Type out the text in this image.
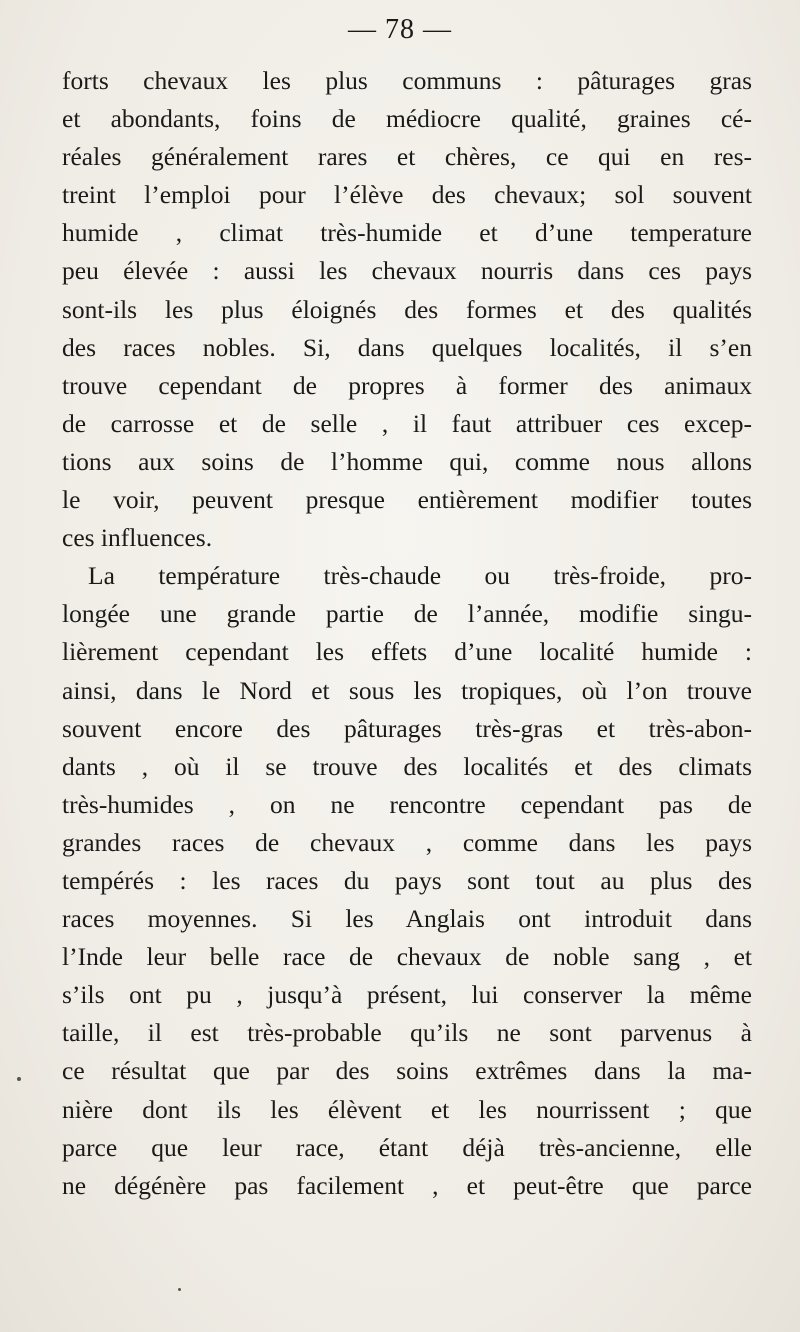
— 78 —
forts chevaux les plus communs : pâturages gras
et abondants, foins de médiocre qualité, graines cé-
réales généralement rares et chères, ce qui en res-
treint l’emploi pour l’élève des chevaux; sol souvent
humide , climat très-humide et d’une temperature
peu élevée : aussi les chevaux nourris dans ces pays
sont-ils les plus éloignés des formes et des qualités
des races nobles. Si, dans quelques localités, il s’en
trouve cependant de propres à former des animaux
de carrosse et de selle , il faut attribuer ces excep-
tions aux soins de l’homme qui, comme nous allons
le voir, peuvent presque entièrement modifier toutes
ces influences.
La température très-chaude ou très-froide, pro-
longée une grande partie de l’année, modifie singu-
lièrement cependant les effets d’une localité humide :
ainsi, dans le Nord et sous les tropiques, où l’on trouve
souvent encore des pâturages très-gras et très-abon-
dants , où il se trouve des localités et des climats
très-humides , on ne rencontre cependant pas de
grandes races de chevaux , comme dans les pays
tempérés : les races du pays sont tout au plus des
races moyennes. Si les Anglais ont introduit dans
l’Inde leur belle race de chevaux de noble sang , et
s’ils ont pu , jusqu’à présent, lui conserver la même
taille, il est très-probable qu’ils ne sont parvenus à
ce résultat que par des soins extrêmes dans la ma-
nière dont ils les élèvent et les nourrissent ; que
parce que leur race, étant déjà très-ancienne, elle
ne dégénère pas facilement , et peut-être que parce
